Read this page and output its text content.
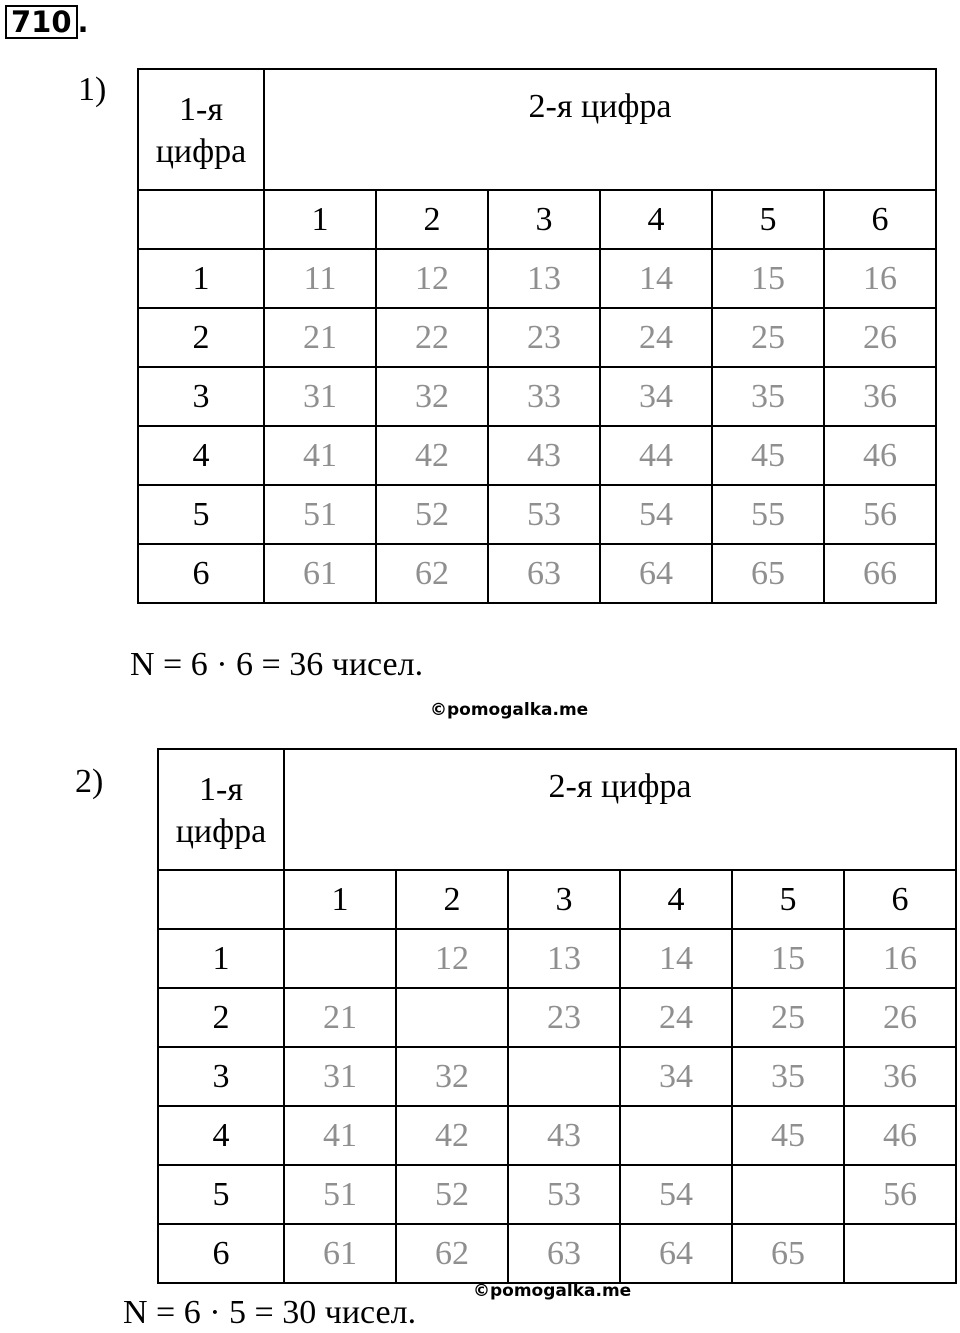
710 .
1)
1-я цифра	2-я цифра					
	1	2	3	4	5	6
1	11	12	13	14	15	16
2	21	22	23	24	25	26
3	31	32	33	34	35	36
4	41	42	43	44	45	46
5	51	52	53	54	55	56
6	61	62	63	64	65	66
N = 6 · 6 = 36 чисел.
©pomogalka.me
2)	1-я цифра	2-я цифра					
	1	2	3	4	5	6
1		12	13	14	15	16
2	21		23	24	25	26
3	31	32		34	35	36
4	41	42	43		45	46
5	51	52	53	54		56
6	61	62	63	64	65	
©pomogalka.me
N = 6 · 5 = 30 чисел.
